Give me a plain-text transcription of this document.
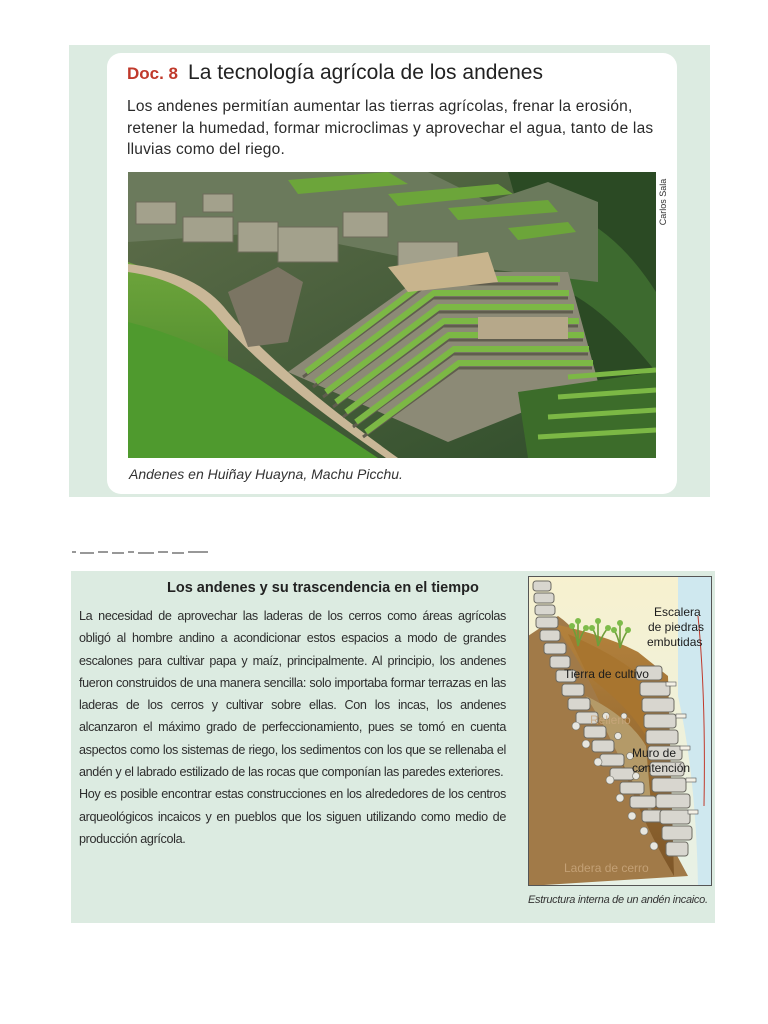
Doc. 8 La tecnología agrícola de los andenes
Los andenes permitían aumentar las tierras agrícolas, frenar la erosión, retener la humedad, formar microclimas y aprovechar el agua, tanto de las lluvias como del riego.
Carlos Sala
Andenes en Huiñay Huayna, Machu Picchu.
Los andenes y su trascendencia en el tiempo

La necesidad de aprovechar las laderas de los cerros como áreas agrícolas obligó al hombre andino a acondicionar estos espacios a modo de grandes escalones para cultivar papa y maíz, principalmente. Al principio, los andenes fueron construidos de una manera sencilla: solo importaba formar terrazas en las laderas de los cerros y cultivar sobre ellas. Con los incas, los andenes alcanzaron el máximo grado de perfeccionamiento, pues se tomó en cuenta aspectos como los sistemas de riego, los sedimentos con los que se rellenaba el andén y el labrado estilizado de las rocas que componían las paredes exteriores.

Hoy es posible encontrar estas construcciones en los alrededores de los centros arqueológicos incaicos y en pueblos que los siguen utilizando como medio de producción agrícola.

Escalera
de piedras
embutidas
Tierra de cultivo
Muro de
contención
Relleno
Ladera de cerro
Estructura interna de un andén incaico.
